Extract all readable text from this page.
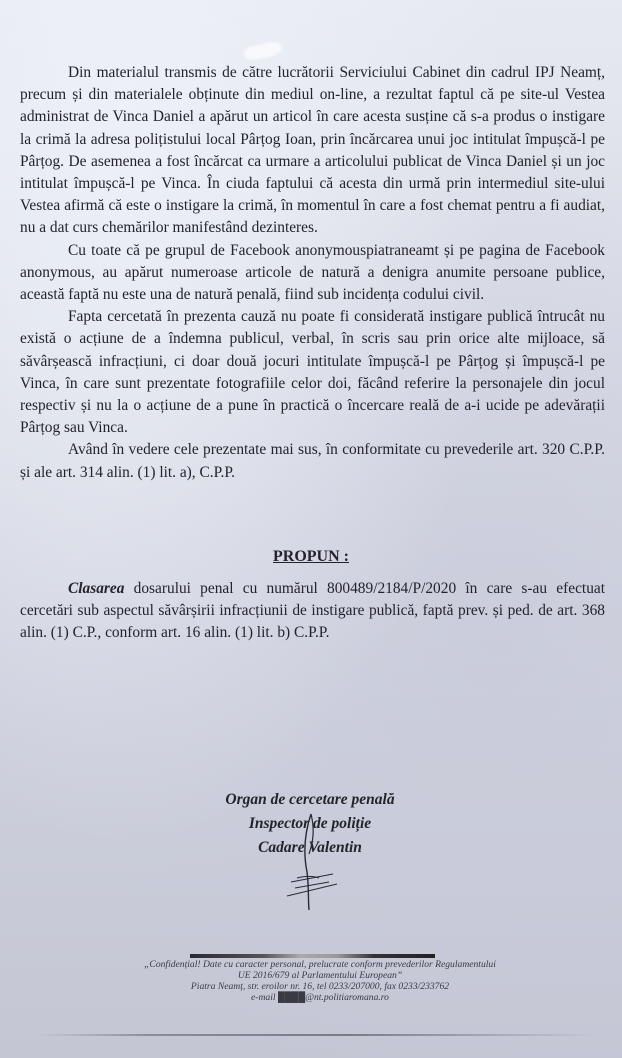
Din materialul transmis de către lucrătorii Serviciului Cabinet din cadrul IPJ Neamț, precum și din materialele obținute din mediul on-line, a rezultat faptul că pe site-ul Vestea administrat de Vinca Daniel a apărut un articol în care acesta susține că s-a produs o instigare la crimă la adresa polițistului local Pârțog Ioan, prin încărcarea unui joc intitulat împușcă-l pe Pârțog. De asemenea a fost încărcat ca urmare a articolului publicat de Vinca Daniel și un joc intitulat împușcă-l pe Vinca. În ciuda faptului că acesta din urmă prin intermediul site-ului Vestea afirmă că este o instigare la crimă, în momentul în care a fost chemat pentru a fi audiat, nu a dat curs chemărilor manifestând dezinteres.

Cu toate că pe grupul de Facebook anonymouspiatraneamt și pe pagina de Facebook anonymous, au apărut numeroase articole de natură a denigra anumite persoane publice, această faptă nu este una de natură penală, fiind sub incidența codului civil.

Fapta cercetată în prezenta cauză nu poate fi considerată instigare publică întrucât nu există o acțiune de a îndemna publicul, verbal, în scris sau prin orice alte mijloace, să săvârșească infracțiuni, ci doar două jocuri intitulate împușcă-l pe Pârțog și împușcă-l pe Vinca, în care sunt prezentate fotografiile celor doi, făcând referire la personajele din jocul respectiv și nu la o acțiune de a pune în practică o încercare reală de a-i ucide pe adevărații Pârțog sau Vinca.

Având în vedere cele prezentate mai sus, în conformitate cu prevederile art. 320 C.P.P. și ale art. 314 alin. (1) lit. a), C.P.P.

PROPUN :

Clasarea dosarului penal cu numărul 800489/2184/P/2020 în care s-au efectuat cercetări sub aspectul săvârșirii infracțiunii de instigare publică, faptă prev. și ped. de art. 368 alin. (1) C.P., conform art. 16 alin. (1) lit. b) C.P.P.

Organ de cercetare penală
Inspector de poliție
Cadare Valentin
„Confidențial! Date cu caracter personal, prelucrate conform prevederilor Regulamentului
UE 2016/679 al Parlamentului European”
Piatra Neamț, str. eroilor nr. 16, tel 0233/207000, fax 0233/233762
e-mail ████@nt.politiaromana.ro
